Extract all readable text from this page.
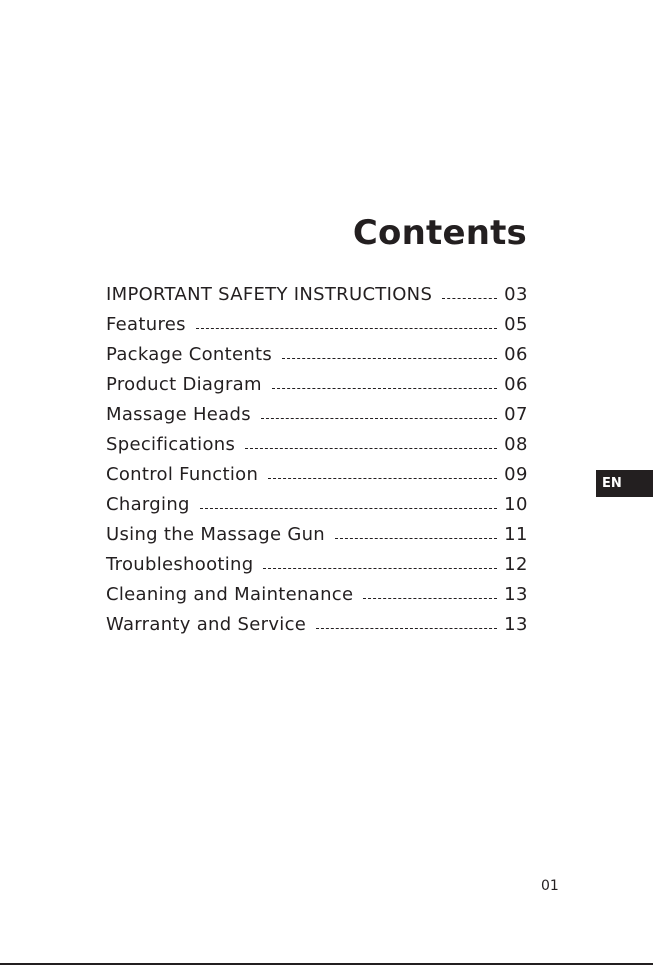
Contents
IMPORTANT SAFETY INSTRUCTIONS	03
Features	05
Package Contents	06
Product Diagram	06
Massage Heads	07
Specifications	08
Control Function	09
Charging	10
Using the Massage Gun	11
Troubleshooting	12
Cleaning and Maintenance	13
Warranty and Service	13
EN
01
